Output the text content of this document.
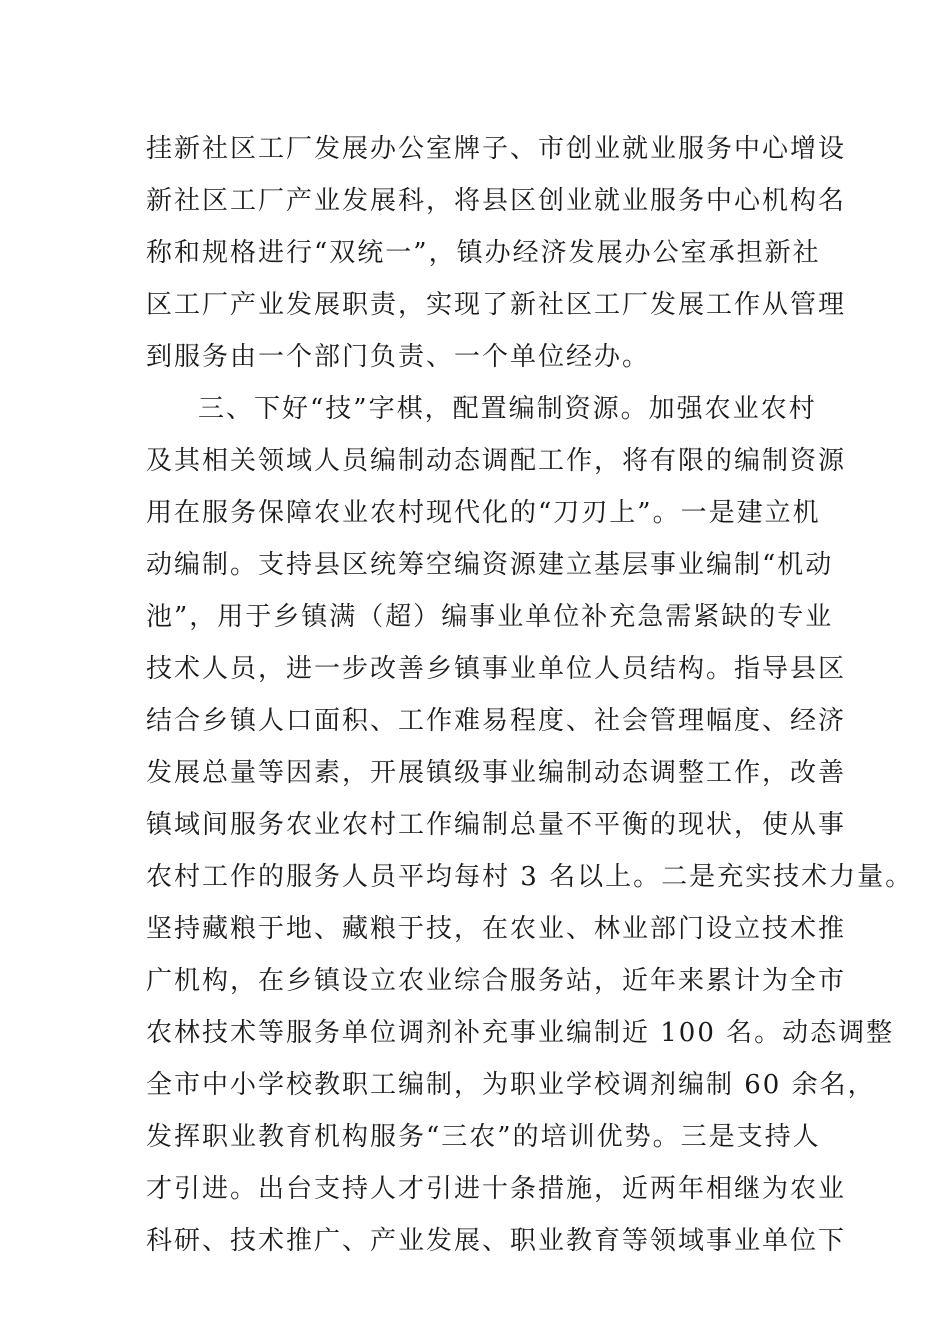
挂新社区工厂发展办公室牌子、市创业就业服务中心增设
新社区工厂产业发展科，将县区创业就业服务中心机构名
称和规格进行“双统一”，镇办经济发展办公室承担新社
区工厂产业发展职责，实现了新社区工厂发展工作从管理
到服务由一个部门负责、一个单位经办。
三、下好“技”字棋，配置编制资源。加强农业农村
及其相关领域人员编制动态调配工作，将有限的编制资源
用在服务保障农业农村现代化的“刀刃上”。一是建立机
动编制。支持县区统筹空编资源建立基层事业编制“机动
池”，用于乡镇满（超）编事业单位补充急需紧缺的专业
技术人员，进一步改善乡镇事业单位人员结构。指导县区
结合乡镇人口面积、工作难易程度、社会管理幅度、经济
发展总量等因素，开展镇级事业编制动态调整工作，改善
镇域间服务农业农村工作编制总量不平衡的现状，使从事
农村工作的服务人员平均每村 3 名以上。二是充实技术力量。
坚持藏粮于地、藏粮于技，在农业、林业部门设立技术推
广机构，在乡镇设立农业综合服务站，近年来累计为全市
农林技术等服务单位调剂补充事业编制近 100 名。动态调整
全市中小学校教职工编制，为职业学校调剂编制 60 余名，
发挥职业教育机构服务“三农”的培训优势。三是支持人
才引进。出台支持人才引进十条措施，近两年相继为农业
科研、技术推广、产业发展、职业教育等领域事业单位下
